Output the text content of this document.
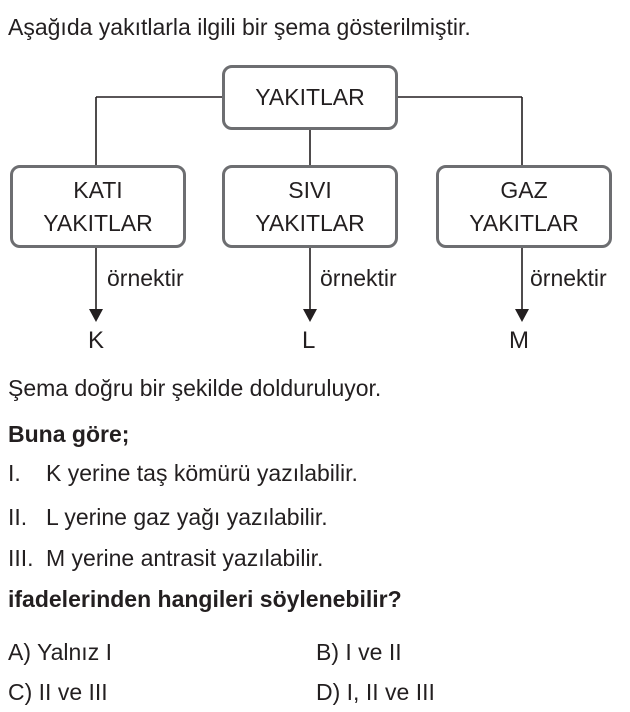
Aşağıda yakıtlarla ilgili bir şema gösterilmiştir.
YAKITLAR
KATI
YAKITLAR
SIVI
YAKITLAR
GAZ
YAKITLAR
örnektir	örnektir	örnektir
K	L	M
Şema doğru bir şekilde dolduruluyor.
Buna göre;
I. K yerine taş kömürü yazılabilir.
II. L yerine gaz yağı yazılabilir.
III. M yerine antrasit yazılabilir.
ifadelerinden hangileri söylenebilir?
A) Yalnız I	B) I ve II
C) II ve III	D) I, II ve III
